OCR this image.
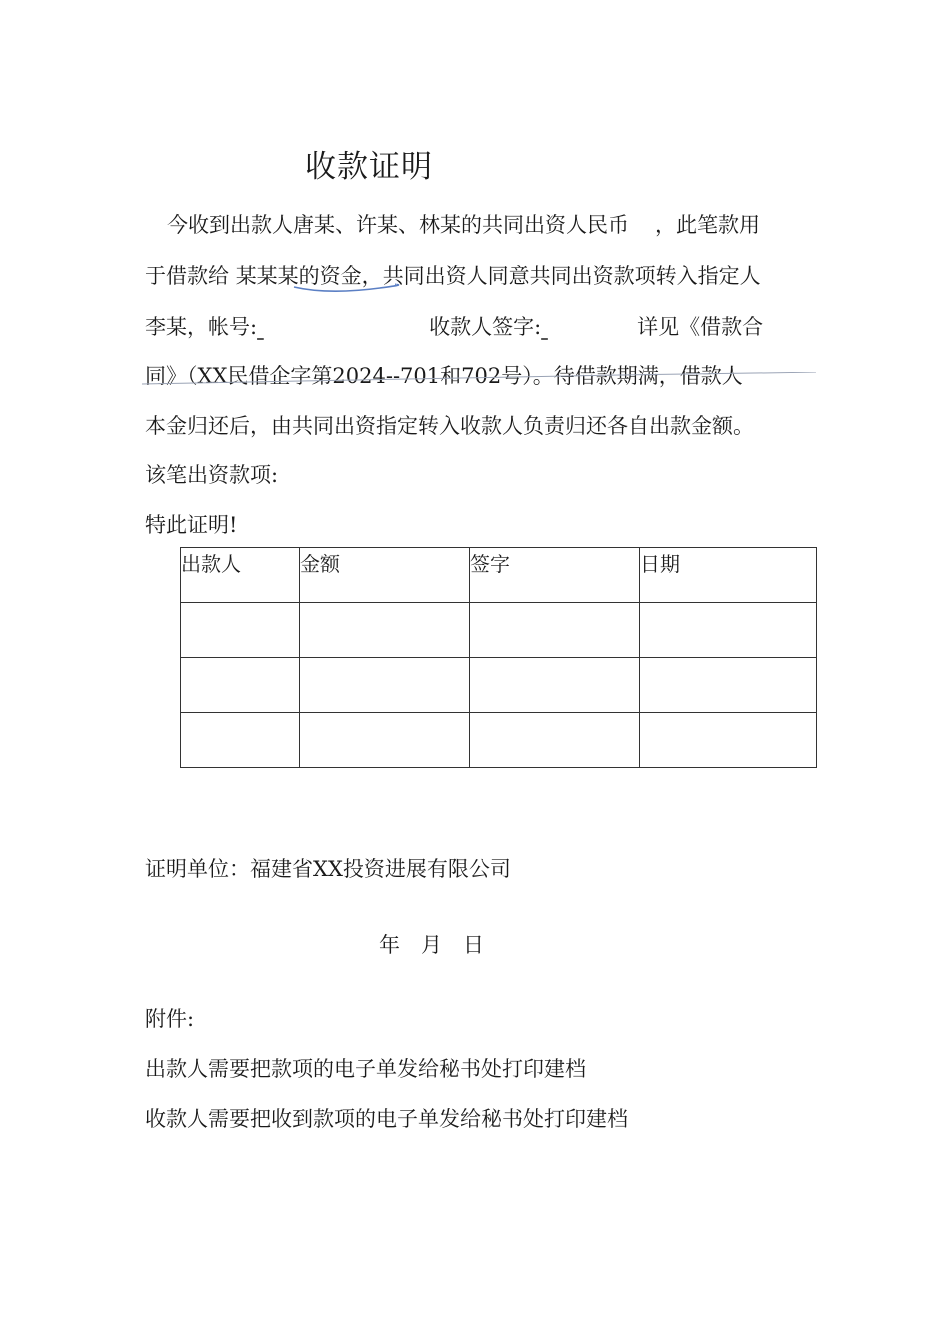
收款证明
今收到出款人唐某、许某、林某的共同出资人民币 ，此笔款用
于借款给 某某某的资金，共同出资人同意共同出资款项转入指定人
李某，帐号:	收款人签字:	详见《借款合
同》（XX民借企字第2024--701和702号）。待借款期满，借款人
本金归还后，由共同出资指定转入收款人负责归还各自出款金额。
该笔出资款项:
特此证明!
出款人	金额	签字	日期

证明单位：福建省XX投资进展有限公司
年　月　日
附件:
出款人需要把款项的电子单发给秘书处打印建档
收款人需要把收到款项的电子单发给秘书处打印建档
